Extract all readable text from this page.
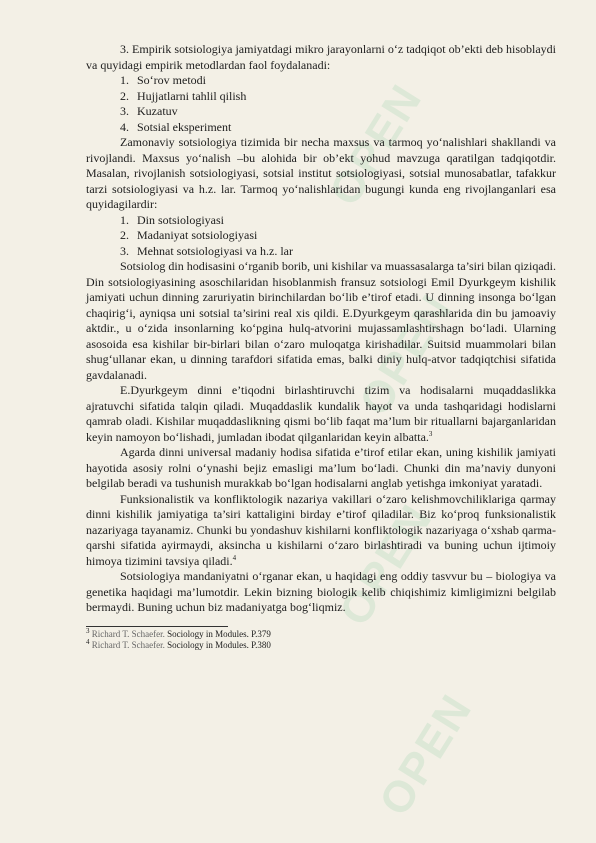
OPEN
OPEN
OPEN
OPEN

3. Empirik sotsiologiya jamiyatdagi mikro jarayonlarni o‘z tadqiqot ob’ekti deb hisoblaydi va quyidagi empirik metodlardan faol foydalanadi:

1. So‘rov metodi
2. Hujjatlarni tahlil qilish
3. Kuzatuv
4. Sotsial eksperiment

Zamonaviy sotsiologiya tizimida bir necha maxsus va tarmoq yo‘nalishlari shakllandi va rivojlandi. Maxsus yo‘nalish –bu alohida bir ob’ekt yohud mavzuga qaratilgan tadqiqotdir. Masalan, rivojlanish sotsiologiyasi, sotsial institut sotsiologiyasi, sotsial munosabatlar, tafakkur tarzi sotsiologiyasi va h.z. lar. Tarmoq yo‘nalishlaridan bugungi kunda eng rivojlanganlari esa quyidagilardir:

1. Din sotsiologiyasi
2. Madaniyat sotsiologiyasi
3. Mehnat sotsiologiyasi va h.z. lar

Sotsiolog din hodisasini o‘rganib borib, uni kishilar va muassasalarga ta’siri bilan qiziqadi. Din sotsiologiyasining asoschilaridan hisoblanmish fransuz sotsiologi Emil Dyurkgeym kishilik jamiyati uchun dinning zaruriyatin birinchilardan bo‘lib e’tirof etadi. U dinning insonga bo‘lgan chaqirig‘i, ayniqsa uni sotsial ta’sirini real xis qildi. E.Dyurkgeym qarashlarida din bu jamoaviy aktdir., u o‘zida insonlarning ko‘pgina hulq-atvorini mujassamlashtirshagn bo‘ladi. Ularning asosoida esa kishilar bir-birlari bilan o‘zaro muloqatga kirishadilar. Suitsid muammolari bilan shug‘ullanar ekan, u dinning tarafdori sifatida emas, balki diniy hulq-atvor tadqiqtchisi sifatida gavdalanadi.

E.Dyurkgeym dinni e’tiqodni birlashtiruvchi tizim va hodisalarni muqaddaslikka ajratuvchi sifatida talqin qiladi. Muqaddaslik kundalik hayot va unda tashqaridagi hodislarni qamrab oladi. Kishilar muqaddaslikning qismi bo‘lib faqat ma’lum bir rituallarni bajarganlaridan keyin namoyon bo‘lishadi, jumladan ibodat qilganlaridan keyin albatta.$^3$

Agarda dinni universal madaniy hodisa sifatida e’tirof etilar ekan, uning kishilik jamiyati hayotida asosiy rolni o‘ynashi bejiz emasligi ma’lum bo‘ladi. Chunki din ma’naviy dunyoni belgilab beradi va tushunish murakkab bo‘lgan hodisalarni anglab yetishga imkoniyat yaratadi.

Funksionalistik va konfliktologik nazariya vakillari o‘zaro kelishmovchiliklariga qarmay dinni kishilik jamiyatiga ta’siri kattaligini birday e’tirof qiladilar. Biz ko‘proq funksionalistik nazariyaga tayanamiz. Chunki bu yondashuv kishilarni konfliktologik nazariyaga o‘xshab qarma-qarshi sifatida ayirmaydi, aksincha u kishilarni o‘zaro birlashtiradi va buning uchun ijtimoiy himoya tizimini tavsiya qiladi.$^4$

Sotsiologiya mandaniyatni o‘rganar ekan, u haqidagi eng oddiy tasvvur bu – biologiya va genetika haqidagi ma’lumotdir. Lekin bizning biologik kelib chiqishimiz kimligimizni belgilab bermaydi. Buning uchun biz madaniyatga bog‘liqmiz.

$^3$ Richard T. Schaefer. Sociology in Modules. P.379

$^4$ Richard T. Schaefer. Sociology in Modules. P.380
